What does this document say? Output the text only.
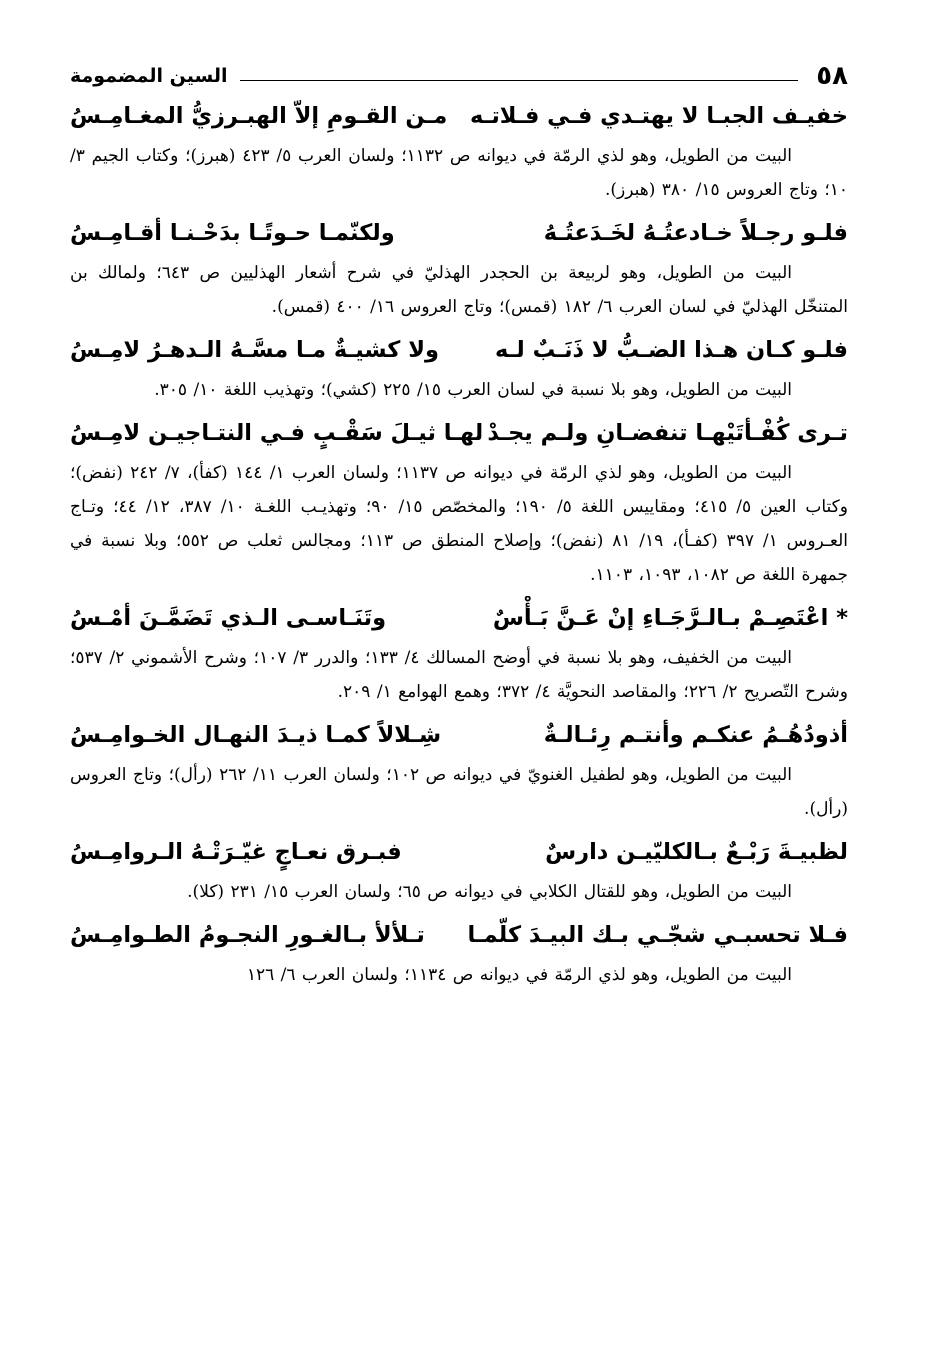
٥٨
السين المضمومة
خفيـف الجبـا لا يهتـدي فـي فـلاتـه
مـن القـومِ إلاّ الهبـرزيُّ المغـامِـسُ

البيت من الطويل، وهو لذي الرمّة في ديوانه ص ١١٣٢؛ ولسان العرب ٥/ ٤٢٣ (هبرز)؛ وكتاب الجيم ٣/ ١٠؛ وتاج العروس ١٥/ ٣٨٠ (هبرز).

فلـو رجـلاً خـادعتُـهُ لخَـدَعتُـهُ
ولكنّمـا حـوتًـا بدَحْـنـا أقـامِـسُ

البيت من الطويل، وهو لربيعة بن الحجدر الهذليّ في شرح أشعار الهذليين ص ٦٤٣؛ ولمالك بن المتنخّل الهذليّ في لسان العرب ٦/ ١٨٢ (قمس)؛ وتاج العروس ١٦/ ٤٠٠ (قمس).

فلـو كـان هـذا الضـبُّ لا ذَنَـبٌ لـه
ولا كشيـةٌ مـا مسَّـهُ الـدهـرُ لامِـسُ

البيت من الطويل، وهو بلا نسبة في لسان العرب ١٥/ ٢٢٥ (كشي)؛ وتهذيب اللغة ١٠/ ٣٠٥.

تـرى كُفْـأتَيْهـا تنفضـانِ ولـم يجـدْ
لهـا ثيـلَ سَقْـبٍ فـي النتـاجيـن لامِـسُ

البيت من الطويل، وهو لذي الرمّة في ديوانه ص ١١٣٧؛ ولسان العرب ١/ ١٤٤ (كفأ)، ٧/ ٢٤٢ (نفض)؛ وكتاب العين ٥/ ٤١٥؛ ومقاييس اللغة ٥/ ١٩٠؛ والمخصّص ١٥/ ٩٠؛ وتهذيـب اللغـة ١٠/ ٣٨٧، ١٢/ ٤٤؛ وتـاج العـروس ١/ ٣٩٧ (كفـأ)، ١٩/ ٨١ (نفض)؛ وإصلاح المنطق ص ١١٣؛ ومجالس ثعلب ص ٥٥٢؛ وبلا نسبة في جمهرة اللغة ص ١٠٨٢، ١٠٩٣، ١١٠٣.

* اعْتَصِـمْ بـالـرَّجَـاءِ إنْ عَـنَّ بَـأْسٌ
وتَنَـاسـى الـذي تَضَمَّـنَ أمْـسُ

البيت من الخفيف، وهو بلا نسبة في أوضح المسالك ٤/ ١٣٣؛ والدرر ٣/ ١٠٧؛ وشرح الأشموني ٢/ ٥٣٧؛ وشرح التّصريح ٢/ ٢٢٦؛ والمقاصد النحويَّة ٤/ ٣٧٢؛ وهمع الهوامع ١/ ٢٠٩.

أذودُهُـمُ عنكـم وأنتـم رِئـالـةٌ
شِـلالاً كمـا ذيـدَ النهـال الخـوامِـسُ

البيت من الطويل، وهو لطفيل الغنويّ في ديوانه ص ١٠٢؛ ولسان العرب ١١/ ٢٦٢ (رأل)؛ وتاج العروس (رأل).

لظبيـةَ رَبْـعٌ بـالكليّيـن دارسٌ
فبـرق نعـاجٍ غيّـرَتْـهُ الـروامِـسُ

البيت من الطويل، وهو للقتال الكلابي في ديوانه ص ٦٥؛ ولسان العرب ١٥/ ٢٣١ (كلا).

فـلا تحسبـي شجّـي بـك البيـدَ كلّمـا
تـلألأ بـالغـورِ النجـومُ الطـوامِـسُ

البيت من الطويل، وهو لذي الرمّة في ديوانه ص ١١٣٤؛ ولسان العرب ٦/ ١٢٦
